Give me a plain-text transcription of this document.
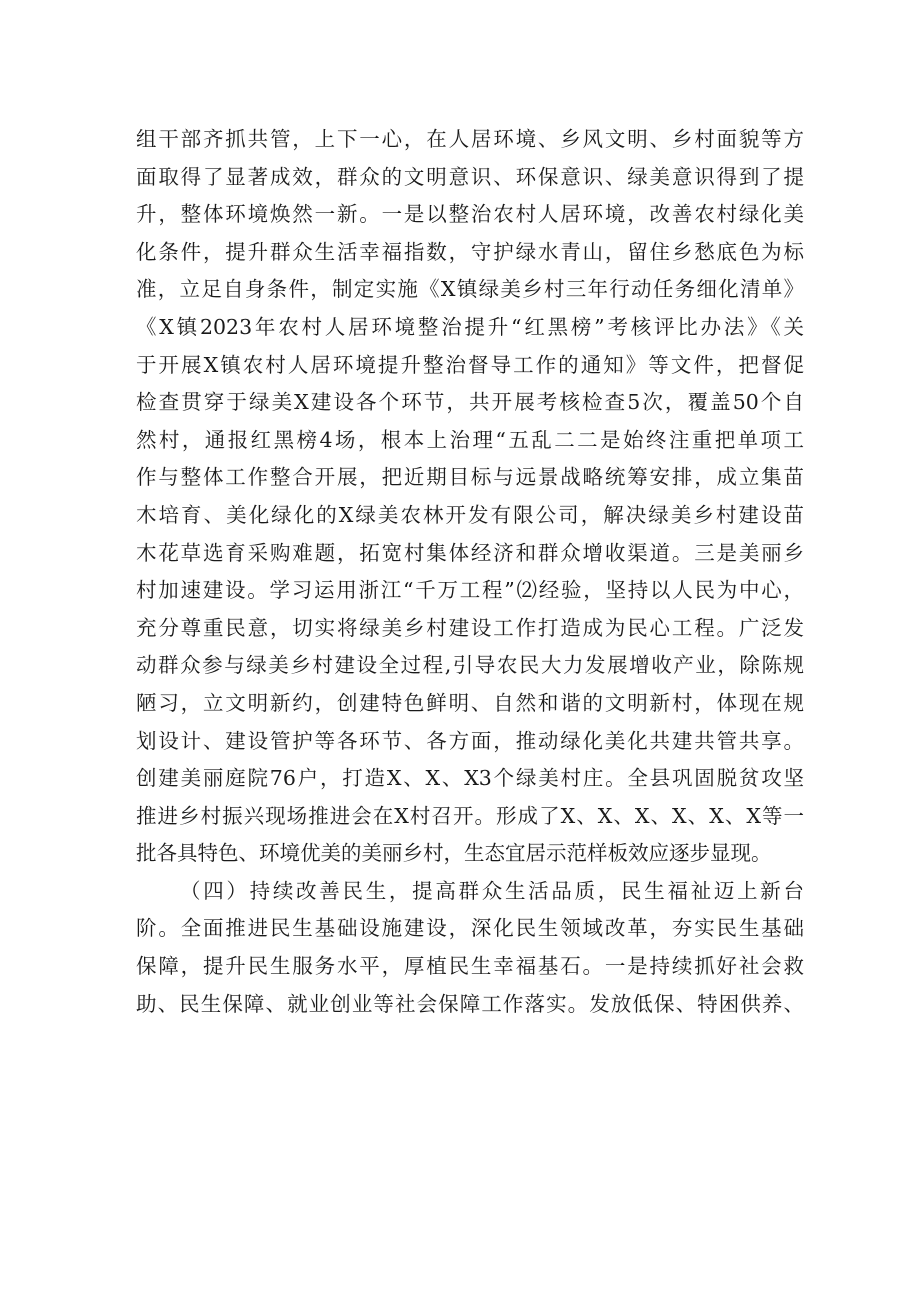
组干部齐抓共管，上下一心，在人居环境、乡风文明、乡村面貌等方
面取得了显著成效，群众的文明意识、环保意识、绿美意识得到了提
升，整体环境焕然一新。一是以整治农村人居环境，改善农村绿化美
化条件，提升群众生活幸福指数，守护绿水青山，留住乡愁底色为标
准，立足自身条件，制定实施《X镇绿美乡村三年行动任务细化清单》
《X镇2023年农村人居环境整治提升“红黑榜”考核评比办法》《关
于开展X镇农村人居环境提升整治督导工作的通知》等文件，把督促
检查贯穿于绿美X建设各个环节，共开展考核检查5次，覆盖50个自
然村，通报红黑榜4场，根本上治理“五乱二二是始终注重把单项工
作与整体工作整合开展，把近期目标与远景战略统筹安排，成立集苗
木培育、美化绿化的X绿美农林开发有限公司，解决绿美乡村建设苗
木花草选育采购难题，拓宽村集体经济和群众增收渠道。三是美丽乡
村加速建设。学习运用浙江“千万工程”⑵经验，坚持以人民为中心，
充分尊重民意，切实将绿美乡村建设工作打造成为民心工程。广泛发
动群众参与绿美乡村建设全过程,引导农民大力发展增收产业，除陈规
陋习，立文明新约，创建特色鲜明、自然和谐的文明新村，体现在规
划设计、建设管护等各环节、各方面，推动绿化美化共建共管共享。
创建美丽庭院76户，打造X、X、X3个绿美村庄。全县巩固脱贫攻坚
推进乡村振兴现场推进会在X村召开。形成了X、X、X、X、X、X等一
批各具特色、环境优美的美丽乡村，生态宜居示范样板效应逐步显现。
（四）持续改善民生，提高群众生活品质，民生福祉迈上新台
阶。全面推进民生基础设施建设，深化民生领域改革，夯实民生基础
保障，提升民生服务水平，厚植民生幸福基石。一是持续抓好社会救
助、民生保障、就业创业等社会保障工作落实。发放低保、特困供养、
